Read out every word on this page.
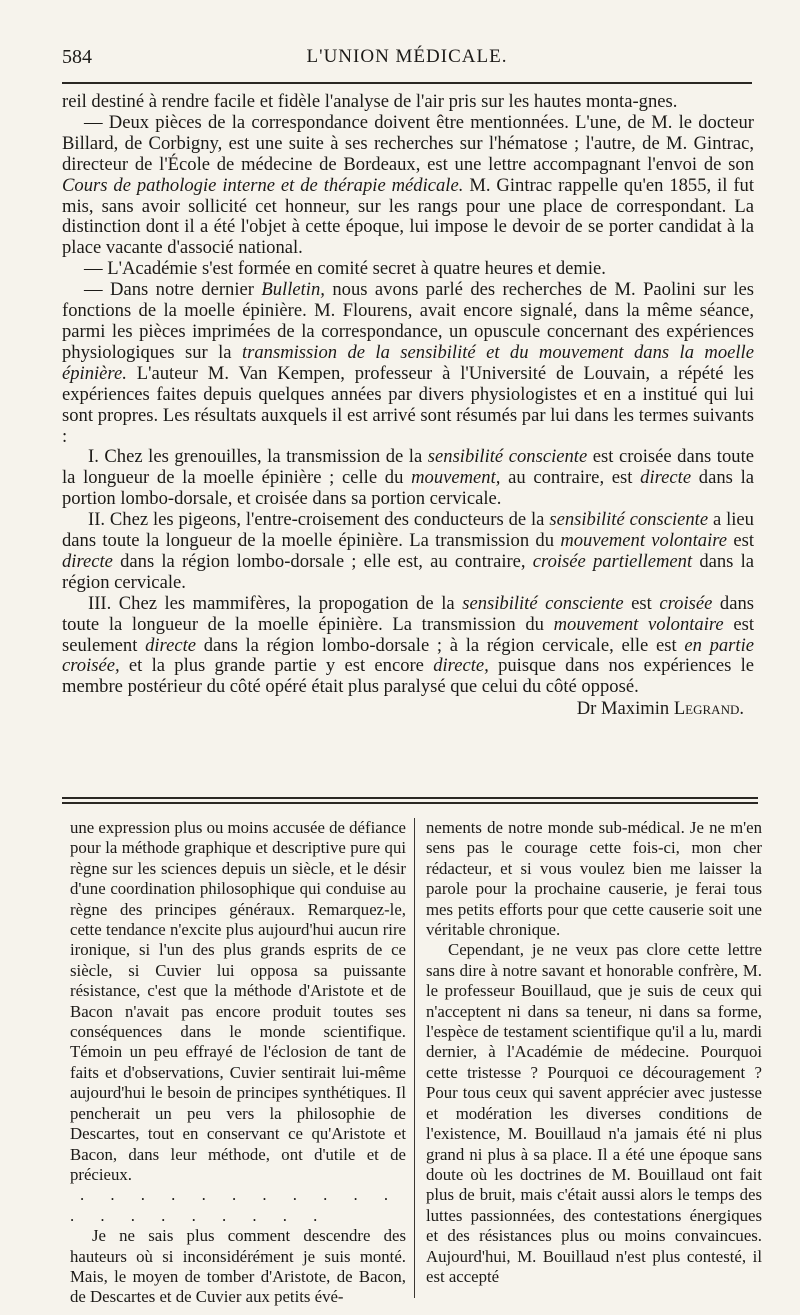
584	L'UNION MÉDICALE.

reil destiné à rendre facile et fidèle l'analyse de l'air pris sur les hautes monta-gnes.

— Deux pièces de la correspondance doivent être mentionnées. L'une, de M. le docteur Billard, de Corbigny, est une suite à ses recherches sur l'hématose ; l'autre, de M. Gintrac, directeur de l'École de médecine de Bordeaux, est une lettre accompagnant l'envoi de son Cours de pathologie interne et de thérapie médicale. M. Gintrac rappelle qu'en 1855, il fut mis, sans avoir sollicité cet honneur, sur les rangs pour une place de correspondant. La distinction dont il a été l'objet à cette époque, lui impose le devoir de se porter candidat à la place vacante d'associé national.

— L'Académie s'est formée en comité secret à quatre heures et demie.

— Dans notre dernier Bulletin, nous avons parlé des recherches de M. Paolini sur les fonctions de la moelle épinière. M. Flourens, avait encore signalé, dans la même séance, parmi les pièces imprimées de la correspondance, un opuscule concernant des expériences physiologiques sur la transmission de la sensibilité et du mouvement dans la moelle épinière. L'auteur M. Van Kempen, professeur à l'Université de Louvain, a répété les expériences faites depuis quelques années par divers physiologistes et en a institué qui lui sont propres. Les résultats auxquels il est arrivé sont résumés par lui dans les termes suivants :

I. Chez les grenouilles, la transmission de la sensibilité consciente est croisée dans toute la longueur de la moelle épinière ; celle du mouvement, au contraire, est directe dans la portion lombo-dorsale, et croisée dans sa portion cervicale.

II. Chez les pigeons, l'entre-croisement des conducteurs de la sensibilité consciente a lieu dans toute la longueur de la moelle épinière. La transmission du mouvement volontaire est directe dans la région lombo-dorsale ; elle est, au contraire, croisée partiellement dans la région cervicale.

III. Chez les mammifères, la propogation de la sensibilité consciente est croisée dans toute la longueur de la moelle épinière. La transmission du mouvement volontaire est seulement directe dans la région lombo-dorsale ; à la région cervicale, elle est en partie croisée, et la plus grande partie y est encore directe, puisque dans nos expériences le membre postérieur du côté opéré était plus paralysé que celui du côté opposé.

Dr Maximin Legrand.

une expression plus ou moins accusée de défiance pour la méthode graphique et descriptive pure qui règne sur les sciences depuis un siècle, et le désir d'une coordination philosophique qui conduise au règne des principes généraux. Remarquez-le, cette tendance n'excite plus aujourd'hui aucun rire ironique, si l'un des plus grands esprits de ce siècle, si Cuvier lui opposa sa puissante résistance, c'est que la méthode d'Aristote et de Bacon n'avait pas encore produit toutes ses conséquences dans le monde scientifique. Témoin un peu effrayé de l'éclosion de tant de faits et d'observations, Cuvier sentirait lui-même aujourd'hui le besoin de principes synthétiques. Il pencherait un peu vers la philosophie de Descartes, tout en conservant ce qu'Aristote et Bacon, dans leur méthode, ont d'utile et de précieux.

. . . . . . . . . . . . . . . . . . . .

Je ne sais plus comment descendre des hauteurs où si inconsidérément je suis monté. Mais, le moyen de tomber d'Aristote, de Bacon, de Descartes et de Cuvier aux petits évé-

nements de notre monde sub-médical. Je ne m'en sens pas le courage cette fois-ci, mon cher rédacteur, et si vous voulez bien me laisser la parole pour la prochaine causerie, je ferai tous mes petits efforts pour que cette causerie soit une véritable chronique.

Cependant, je ne veux pas clore cette lettre sans dire à notre savant et honorable confrère, M. le professeur Bouillaud, que je suis de ceux qui n'acceptent ni dans sa teneur, ni dans sa forme, l'espèce de testament scientifique qu'il a lu, mardi dernier, à l'Académie de médecine. Pourquoi cette tristesse ? Pourquoi ce découragement ? Pour tous ceux qui savent apprécier avec justesse et modération les diverses conditions de l'existence, M. Bouillaud n'a jamais été ni plus grand ni plus à sa place. Il a été une époque sans doute où les doctrines de M. Bouillaud ont fait plus de bruit, mais c'était aussi alors le temps des luttes passionnées, des contestations énergiques et des résistances plus ou moins convaincues. Aujourd'hui, M. Bouillaud n'est plus contesté, il est accepté
